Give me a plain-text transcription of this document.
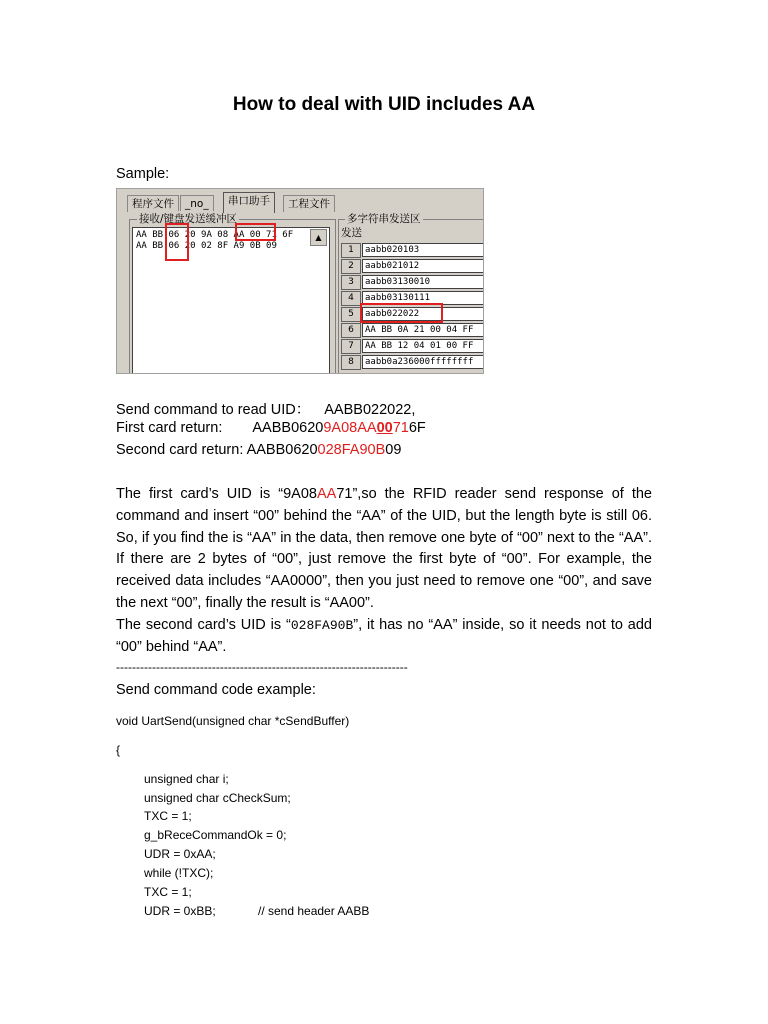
How to deal with UID includes AA
Sample:
程序文件	_no_	串口助手	工程文件
接收/键盘发送缓冲区
AA BB 06 20 9A 08 AA 00 71 6F
AA BB 06 20 02 8F A9 0B 09
▲
多字符串发送区
发送
1	aabb020103
2	aabb021012
3	aabb03130010
4	aabb03130111
5	aabb022022
6	AA BB 0A 21 00 04 FF
7	AA BB 12 04 01 00 FF
8	aabb0a236000ffffffff
Send command to read UID： AABB022022,
First card return: AABB06209A08AA00716F
Second card return: AABB0620028FA90B09
The first card’s UID is “9A08AA71”,so the RFID reader send response of the command and insert “00” behind the “AA” of the UID, but the length byte is still 06. So, if you find the is “AA” in the data, then remove one byte of “00” next to the “AA”. If there are 2 bytes of “00”, just remove the first byte of “00”. For example, the received data includes “AA0000”, then you just need to remove one “00”, and save the next “00”, finally the result is “AA00”.
The second card’s UID is “028FA90B”, it has no “AA” inside, so it needs not to add “00” behind “AA”.
-------------------------------------------------------------------------
Send command code example:
void UartSend(unsigned char *cSendBuffer)
{
unsigned char i;
unsigned char cCheckSum;
TXC = 1;
g_bReceCommandOk = 0;
UDR = 0xAA;
while (!TXC);
TXC = 1;
UDR = 0xBB;	// send header AABB
